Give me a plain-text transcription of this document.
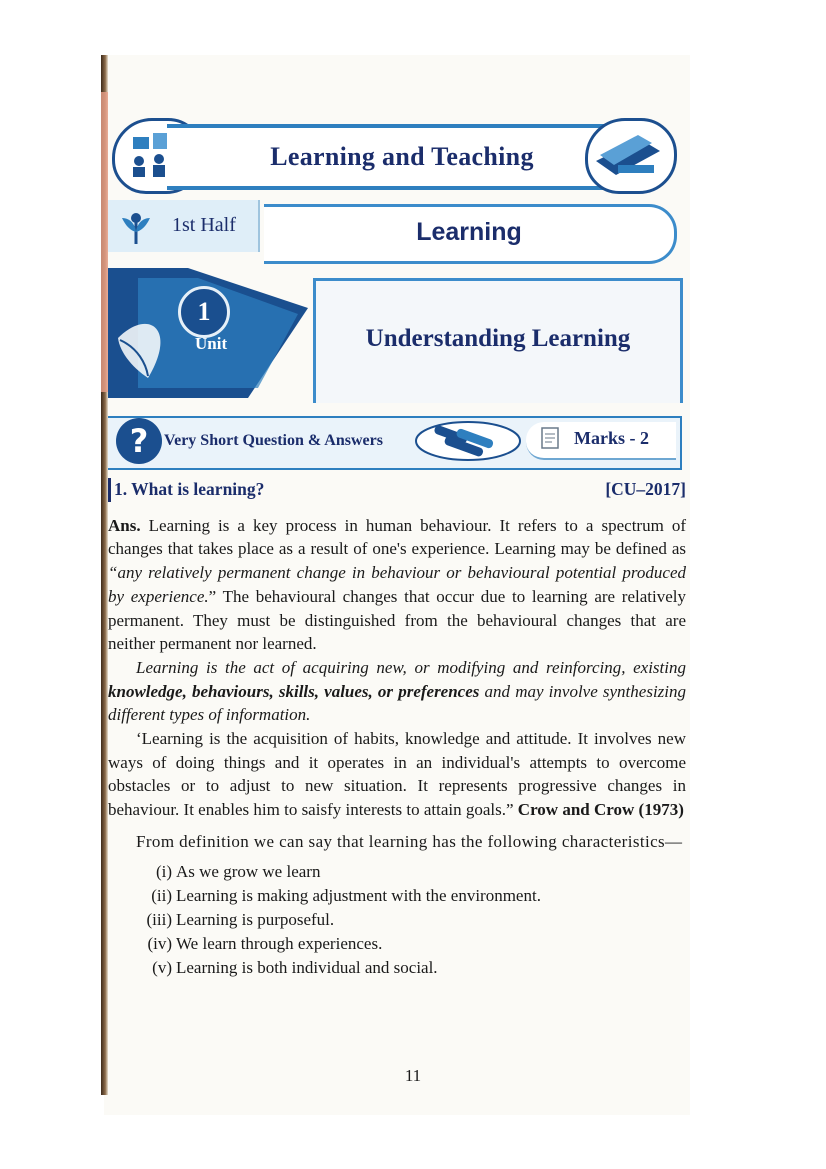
Learning and Teaching
1st Half	Learning
1
Unit	Understanding Learning
? Very Short Question & Answers	Marks - 2
1. What is learning?	[CU–2017]

Ans. Learning is a key process in human behaviour. It refers to a spectrum of changes that takes place as a result of one's experience. Learning may be defined as “any relatively permanent change in behaviour or behavioural potential produced by experience.” The behavioural changes that occur due to learning are relatively permanent. They must be distinguished from the behavioural changes that are neither permanent nor learned.

Learning is the act of acquiring new, or modifying and reinforcing, existing knowledge, behaviours, skills, values, or preferences and may involve synthesizing different types of information.

‘Learning is the acquisition of habits, knowledge and attitude. It involves new ways of doing things and it operates in an individual's attempts to overcome obstacles or to adjust to new situation. It represents progressive changes in behaviour. It enables him to saisfy interests to attain goals.” Crow and Crow (1973)

From definition we can say that learning has the following characteristics—

(i) As we grow we learn
(ii) Learning is making adjustment with the environment.
(iii) Learning is purposeful.
(iv) We learn through experiences.
(v) Learning is both individual and social.
11
